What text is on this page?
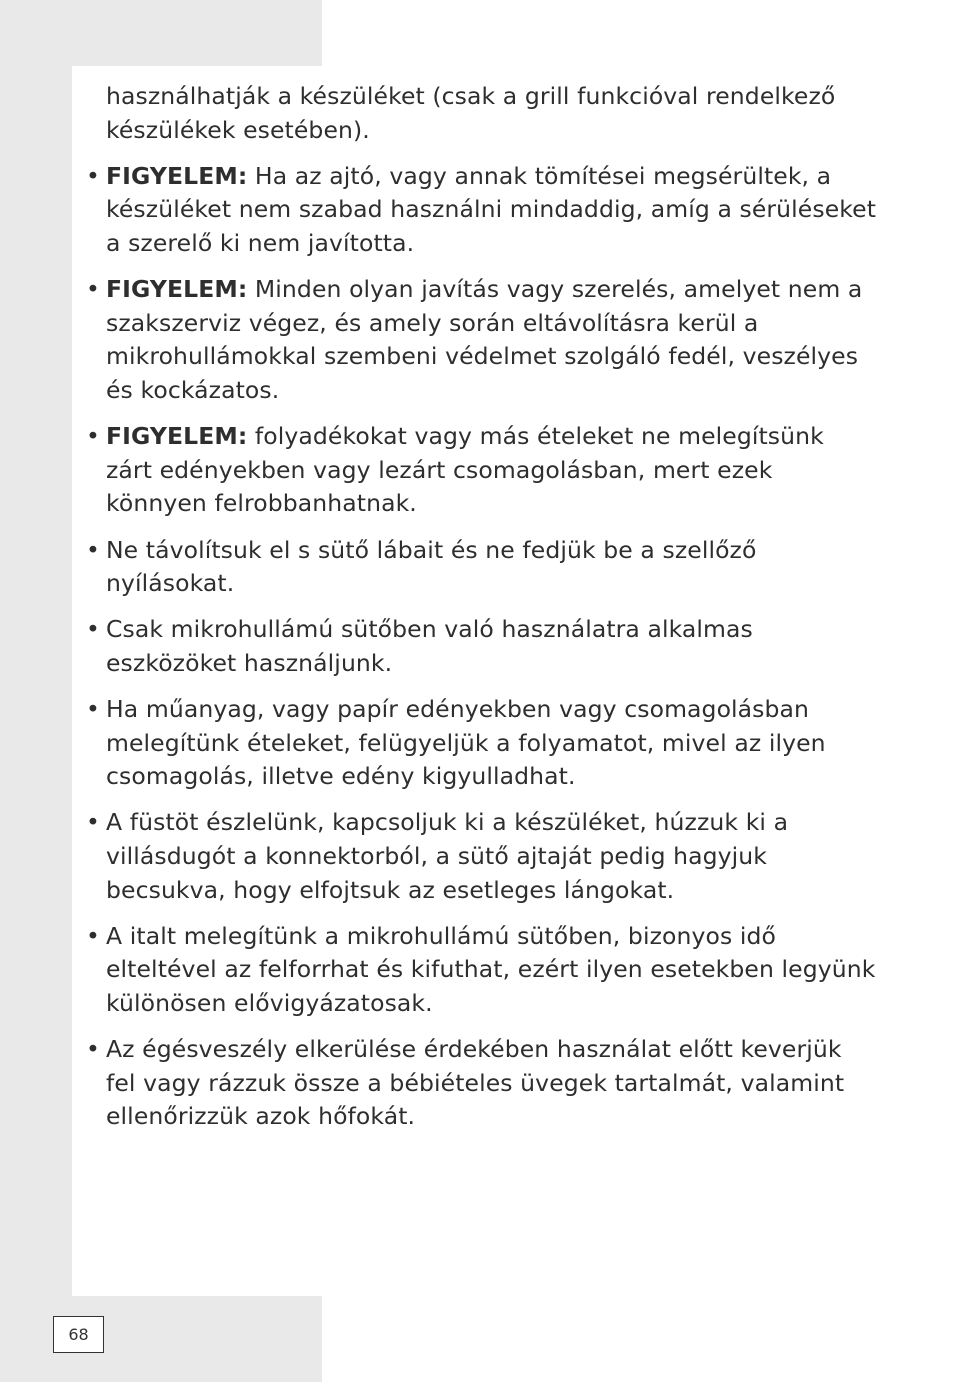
használhatják a készüléket (csak a grill funkcióval rendelkező készülékek esetében).
• FIGYELEM: Ha az ajtó, vagy annak tömítései megsérültek, a készüléket nem szabad használni mindaddig, amíg a sérüléseket a szerelő ki nem javította.
• FIGYELEM: Minden olyan javítás vagy szerelés, amelyet nem a szakszerviz végez, és amely során eltávolításra kerül a mikrohullámokkal szembeni védelmet szolgáló fedél, veszélyes és kockázatos.
• FIGYELEM: folyadékokat vagy más ételeket ne melegítsünk zárt edényekben vagy lezárt csomagolásban, mert ezek könnyen felrobbanhatnak.
• Ne távolítsuk el s sütő lábait és ne fedjük be a szellőző nyílásokat.
• Csak mikrohullámú sütőben való használatra alkalmas eszközöket használjunk.
• Ha műanyag, vagy papír edényekben vagy csomagolásban melegítünk ételeket, felügyeljük a folyamatot, mivel az ilyen csomagolás, illetve edény kigyulladhat.
• A füstöt észlelünk, kapcsoljuk ki a készüléket, húzzuk ki a villásdugót a konnektorból, a sütő ajtaját pedig hagyjuk becsukva, hogy elfojtsuk az esetleges lángokat.
• A italt melegítünk a mikrohullámú sütőben, bizonyos idő elteltével az felforrhat és kifuthat, ezért ilyen esetekben legyünk különösen elővigyázatosak.
• Az égésveszély elkerülése érdekében használat előtt keverjük fel vagy rázzuk össze a bébiételes üvegek tartalmát, valamint ellenőrizzük azok hőfokát.
68
